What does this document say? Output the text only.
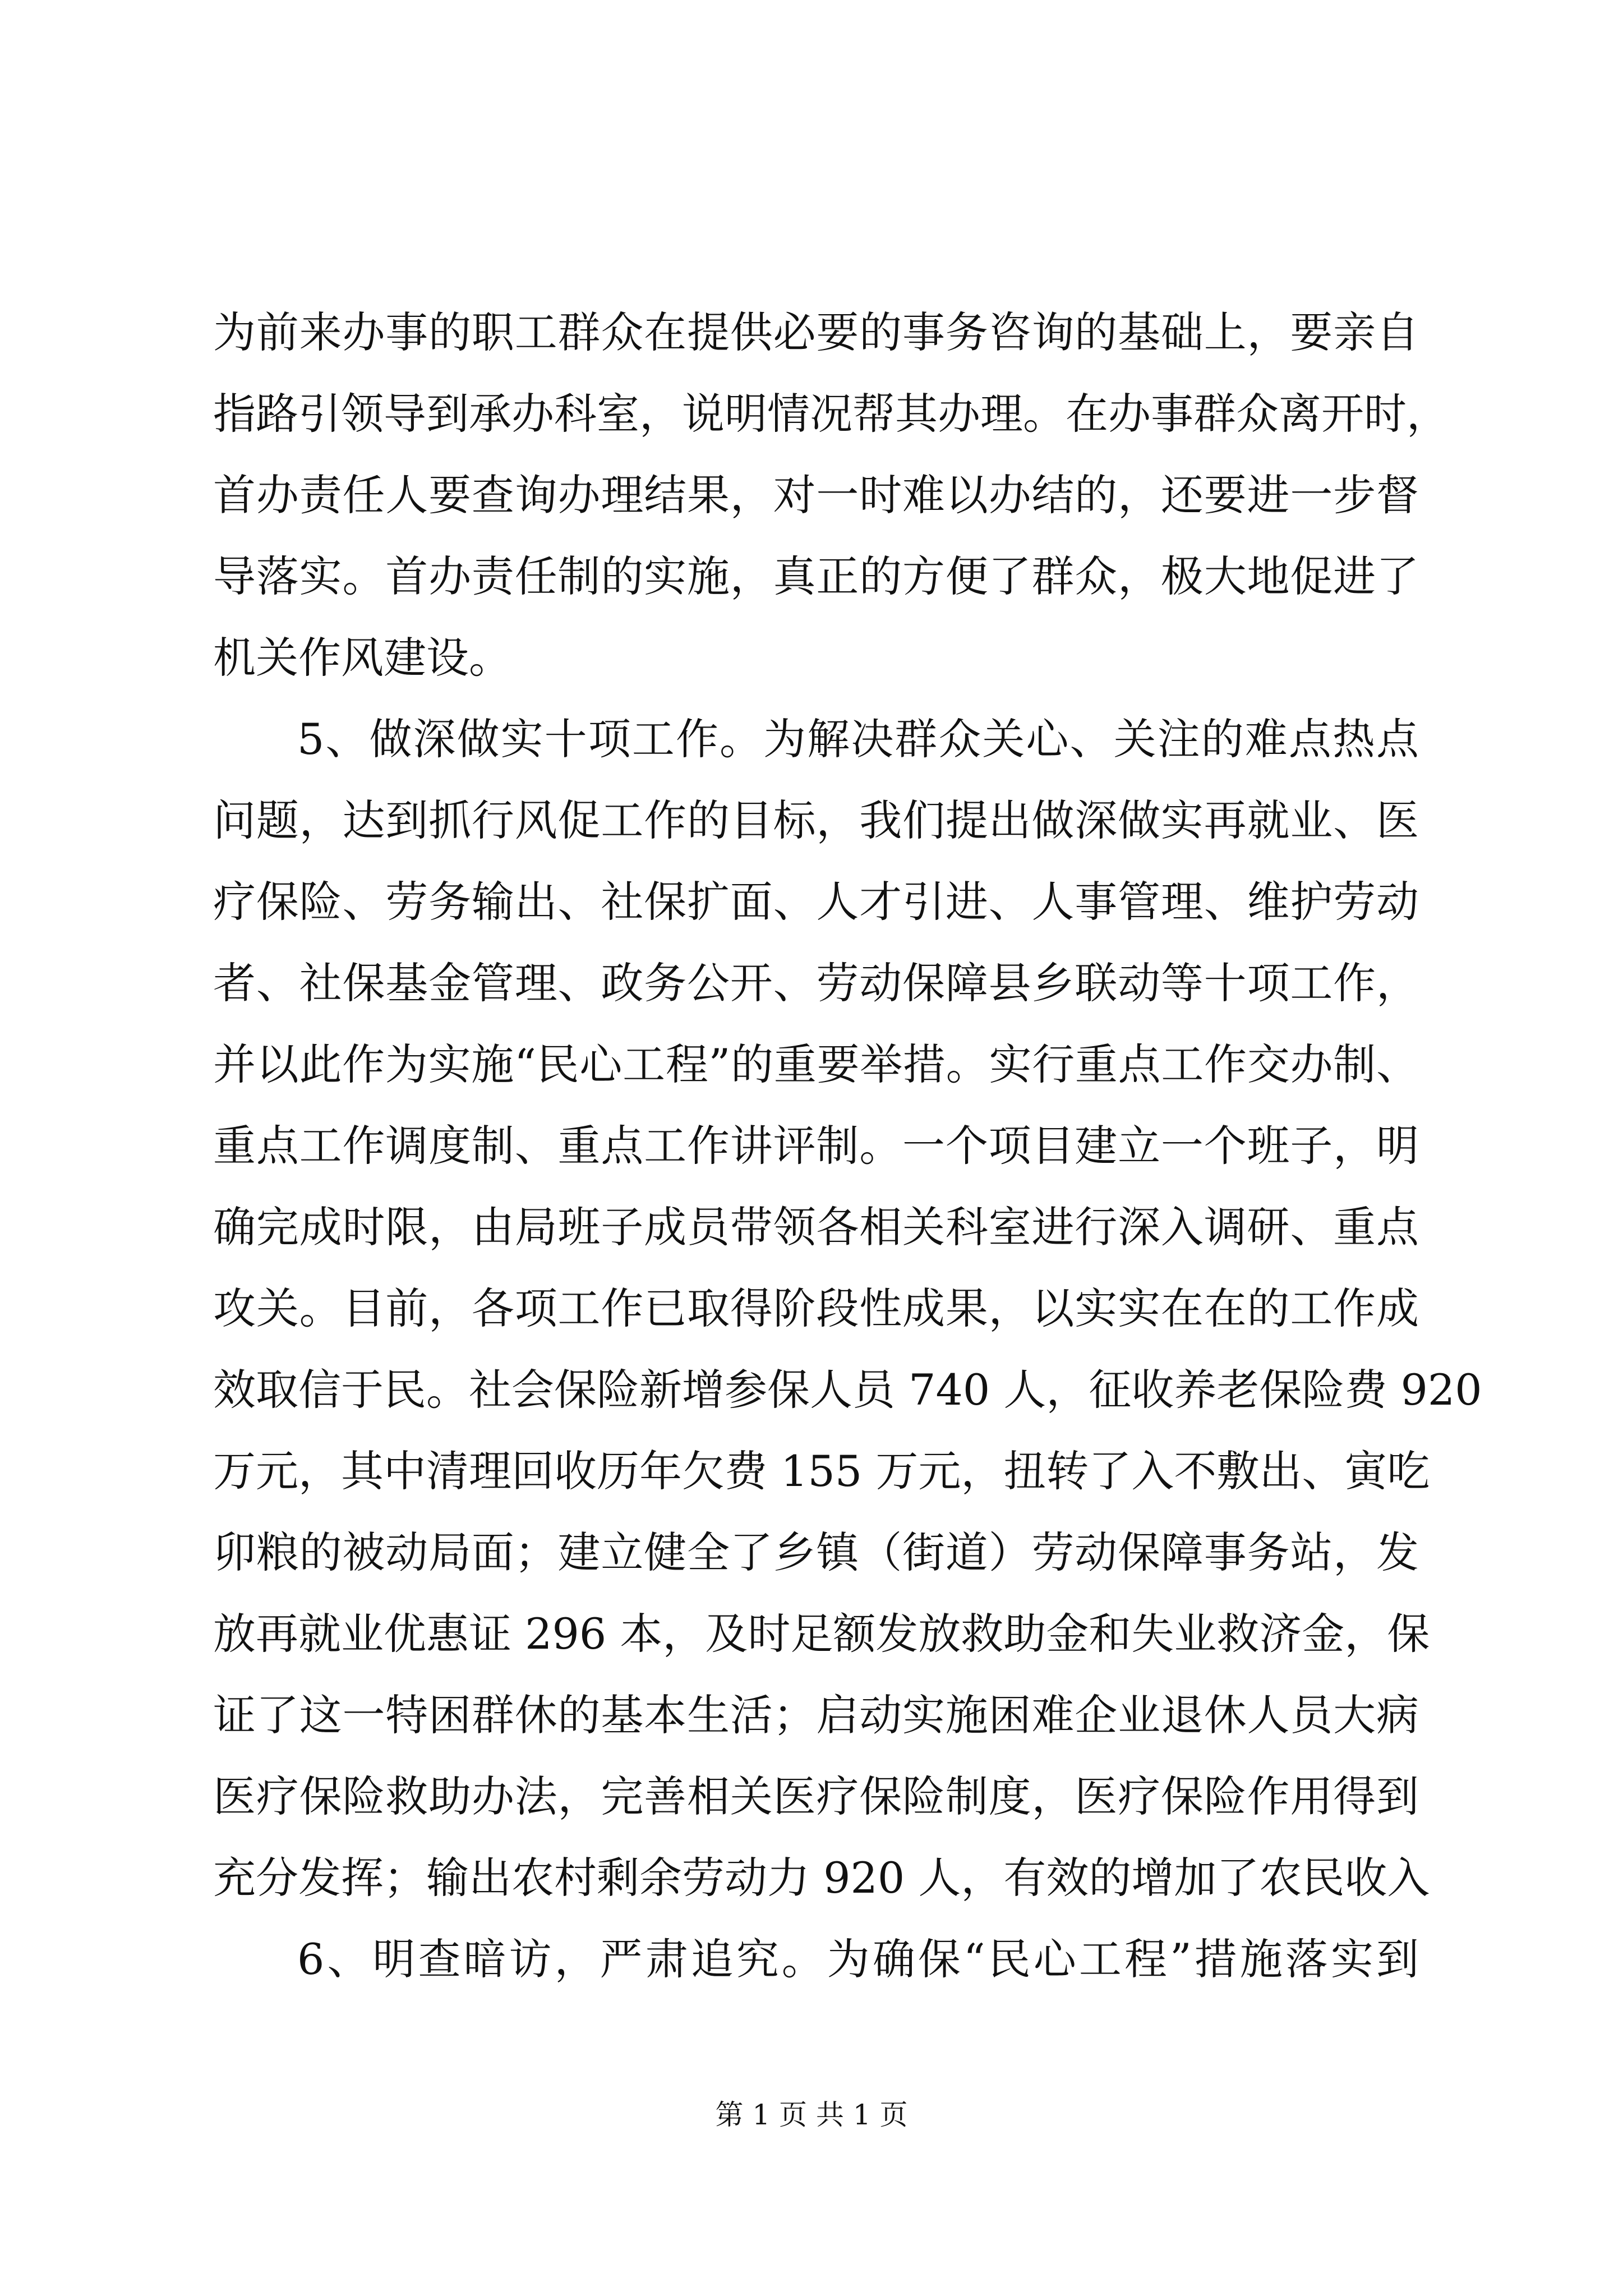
为前来办事的职工群众在提供必要的事务咨询的基础上，要亲自
指路引领导到承办科室，说明情况帮其办理。在办事群众离开时，
首办责任人要查询办理结果，对一时难以办结的，还要进一步督
导落实。首办责任制的实施，真正的方便了群众，极大地促进了
机关作风建设。
5、做深做实十项工作。为解决群众关心、关注的难点热点
问题，达到抓行风促工作的目标，我们提出做深做实再就业、医
疗保险、劳务输出、社保扩面、人才引进、人事管理、维护劳动
者、社保基金管理、政务公开、劳动保障县乡联动等十项工作，
并以此作为实施“民心工程”的重要举措。实行重点工作交办制、
重点工作调度制、重点工作讲评制。一个项目建立一个班子，明
确完成时限，由局班子成员带领各相关科室进行深入调研、重点
攻关。目前，各项工作已取得阶段性成果，以实实在在的工作成
效取信于民。社会保险新增参保人员 740 人，征收养老保险费 920
万元，其中清理回收历年欠费 155 万元，扭转了入不敷出、寅吃
卯粮的被动局面；建立健全了乡镇（街道）劳动保障事务站，发
放再就业优惠证 296 本，及时足额发放救助金和失业救济金，保
证了这一特困群休的基本生活；启动实施困难企业退休人员大病
医疗保险救助办法，完善相关医疗保险制度，医疗保险作用得到
充分发挥；输出农村剩余劳动力 920 人，有效的增加了农民收入
6、明查暗访，严肃追究。为确保“民心工程”措施落实到
第 1 页 共 1 页
